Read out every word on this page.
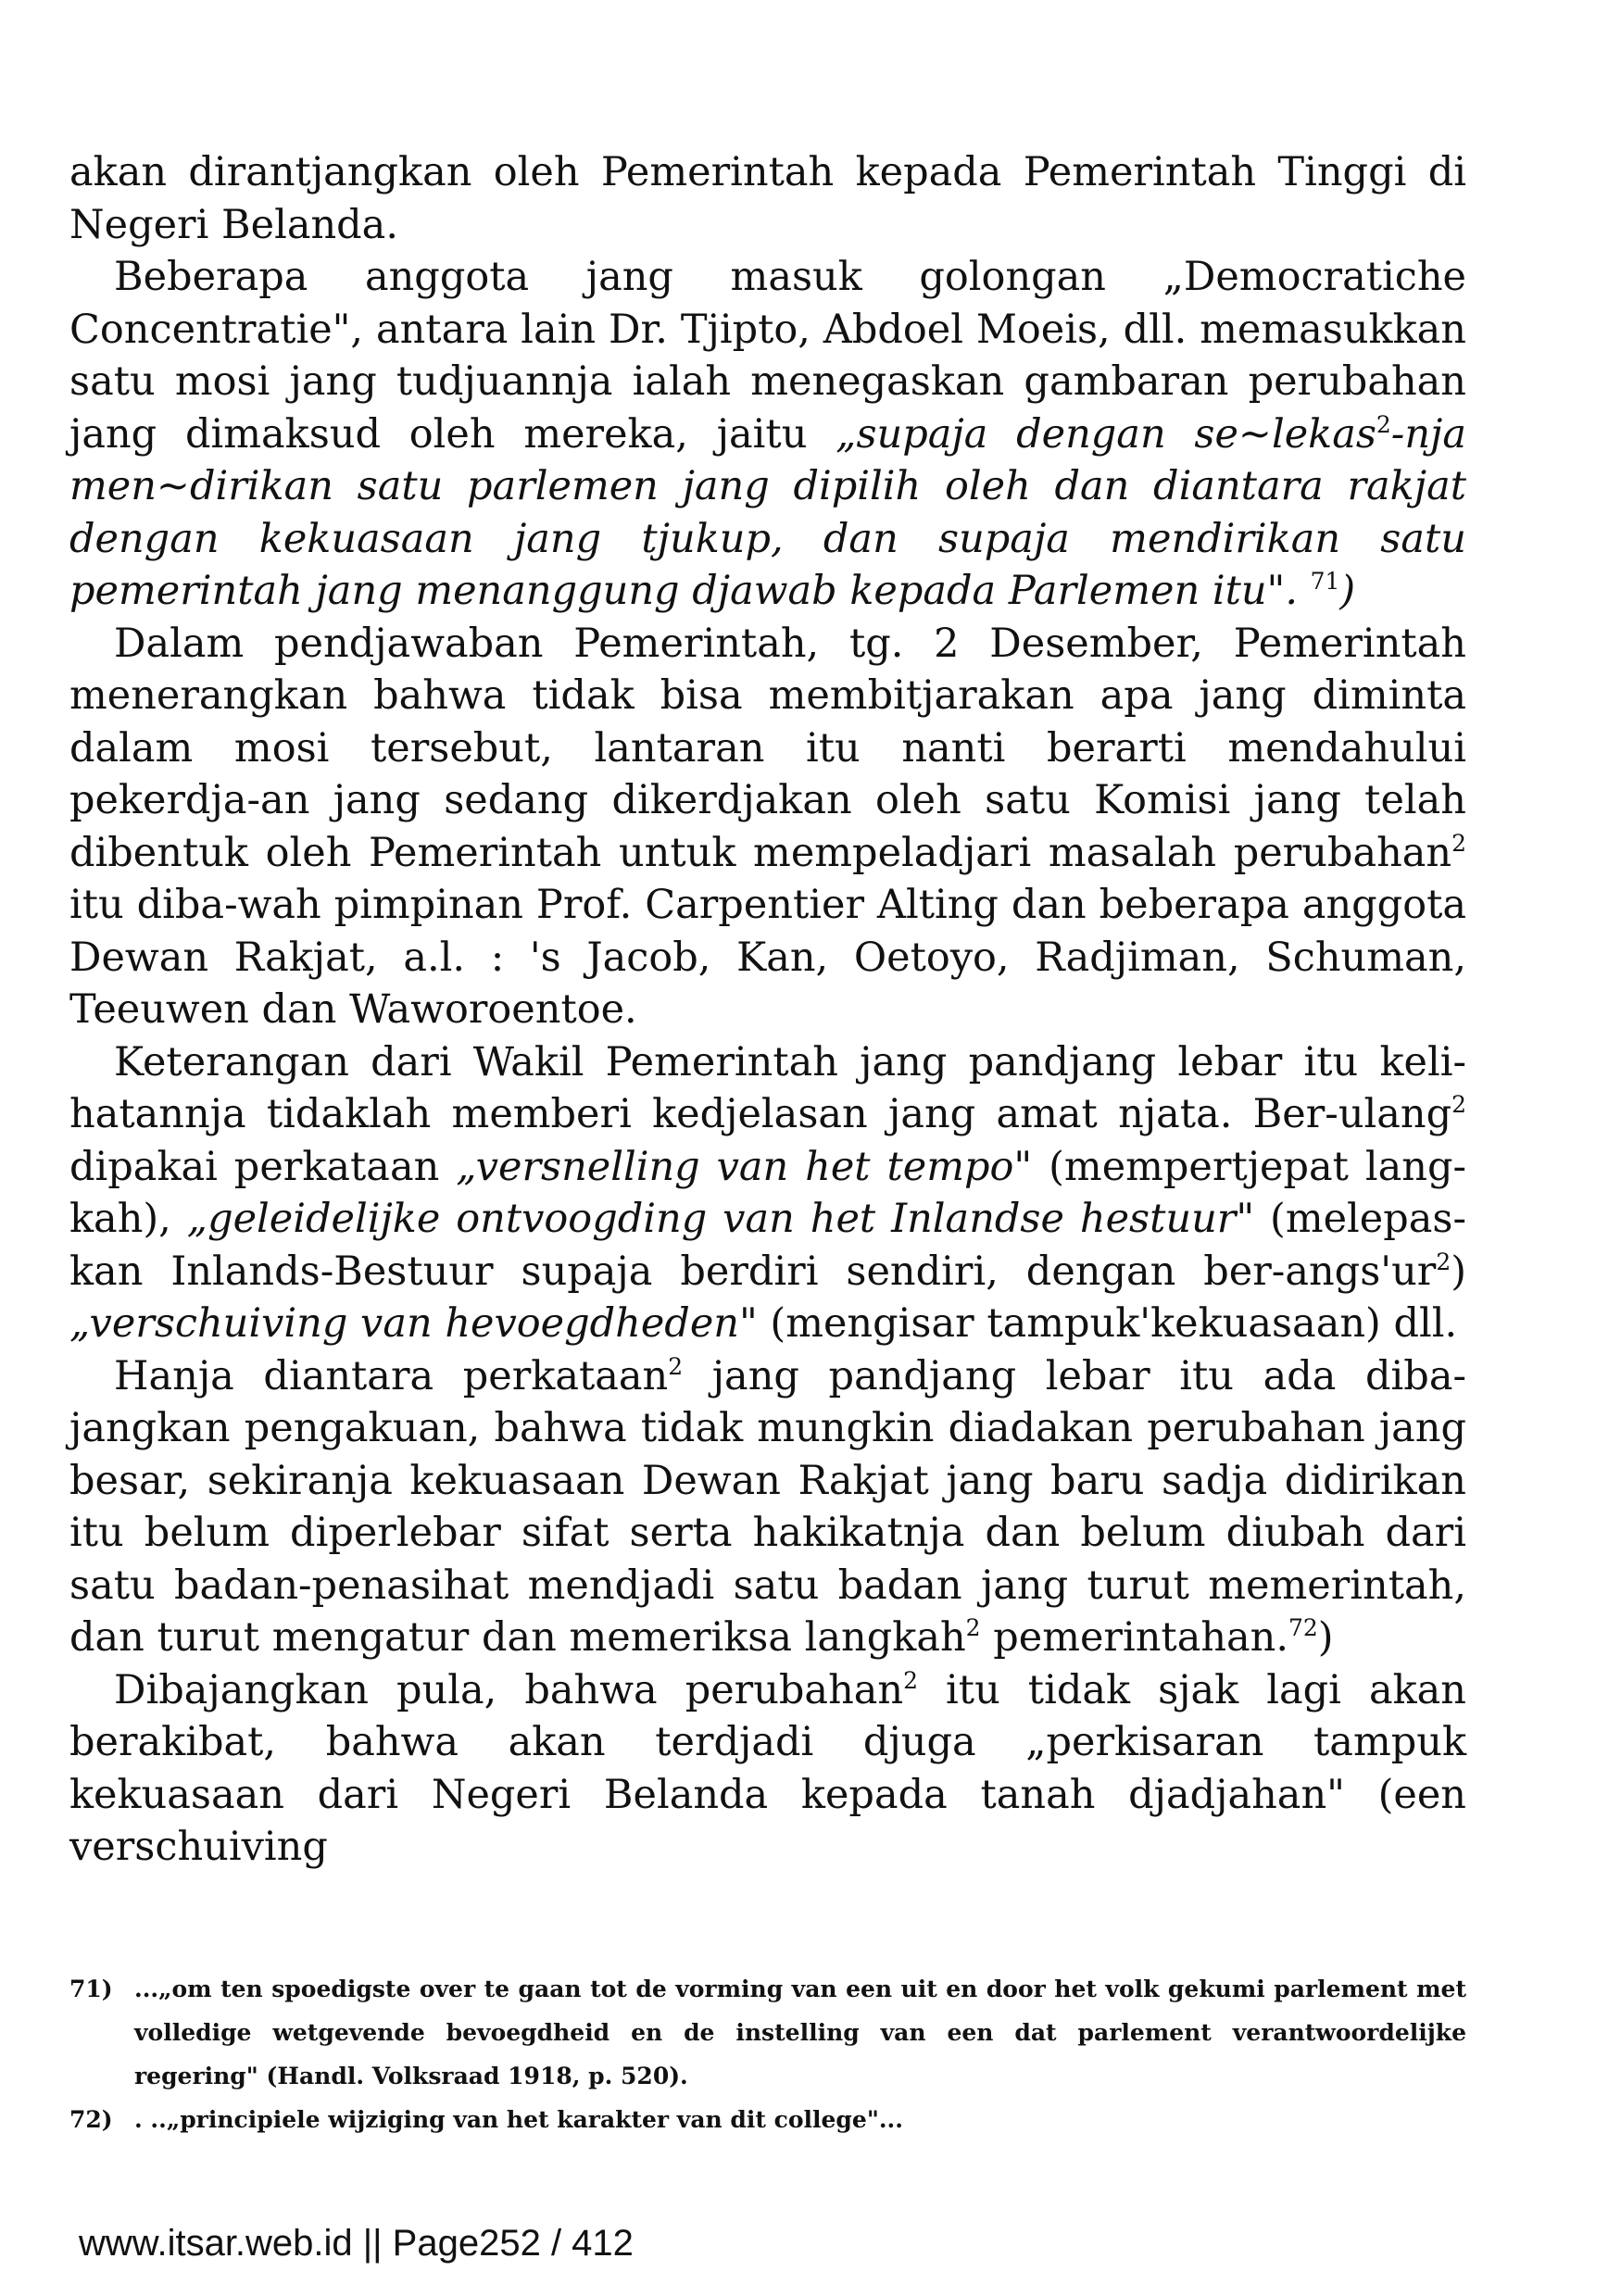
akan dirantjangkan oleh Pemerintah kepada Pemerintah Tinggi di Negeri Belanda.

Beberapa anggota jang masuk golongan „Democratiche Concentratie", antara lain Dr. Tjipto, Abdoel Moeis, dll. memasukkan satu mosi jang tudjuannja ialah menegaskan gambaran perubahan jang dimaksud oleh mereka, jaitu „supaja dengan se~lekas$^2$-nja men~dirikan satu parlemen jang dipilih oleh dan diantara rakjat dengan kekuasaan jang tjukup, dan supaja mendirikan satu pemerintah jang menanggung djawab kepada Parlemen itu". $^{71}$)

Dalam pendjawaban Pemerintah, tg. 2 Desember, Pemerintah menerangkan bahwa tidak bisa membitjarakan apa jang diminta dalam mosi tersebut, lantaran itu nanti berarti mendahului pekerdja-an jang sedang dikerdjakan oleh satu Komisi jang telah dibentuk oleh Pemerintah untuk mempeladjari masalah perubahan$^2$ itu diba-wah pimpinan Prof. Carpentier Alting dan beberapa anggota Dewan Rakjat, a.l. : 's Jacob, Kan, Oetoyo, Radjiman, Schuman, Teeuwen dan Waworoentoe.

Keterangan dari Wakil Pemerintah jang pandjang lebar itu keli-hatannja tidaklah memberi kedjelasan jang amat njata. Ber-ulang$^2$ dipakai perkataan „versnelling van het tempo" (mempertjepat lang-kah), „geleidelijke ontvoogding van het Inlandse hestuur" (melepas-kan Inlands-Bestuur supaja berdiri sendiri, dengan ber-$angs'ur^2$) „verschuiving van hevoegdheden" (mengisar tampuk'kekuasaan) dll.

Hanja diantara perkataan$^2$ jang pandjang lebar itu ada diba-jangkan pengakuan, bahwa tidak mungkin diadakan perubahan jang besar, sekiranja kekuasaan Dewan Rakjat jang baru sadja didirikan itu belum diperlebar sifat serta hakikatnja dan belum diubah dari satu badan-penasihat mendjadi satu badan jang turut memerintah, dan turut mengatur dan memeriksa langkah$^2$ pemerintahan.$^{72}$)

Dibajangkan pula, bahwa perubahan$^2$ itu tidak sjak lagi akan berakibat, bahwa akan terdjadi djuga „perkisaran tampuk kekuasaan dari Negeri Belanda kepada tanah djadjahan" (een verschuiving

71) ...„om ten spoedigste over te gaan tot de vorming van een uit en door het volk gekumi parlement met volledige wetgevende bevoegdheid en de instelling van een dat parlement verantwoordelijke regering" (Handl. Volksraad 1918, p. 520).
72) . ..„principiele wijziging van het karakter van dit college"...
www.itsar.web.id || Page252 / 412
